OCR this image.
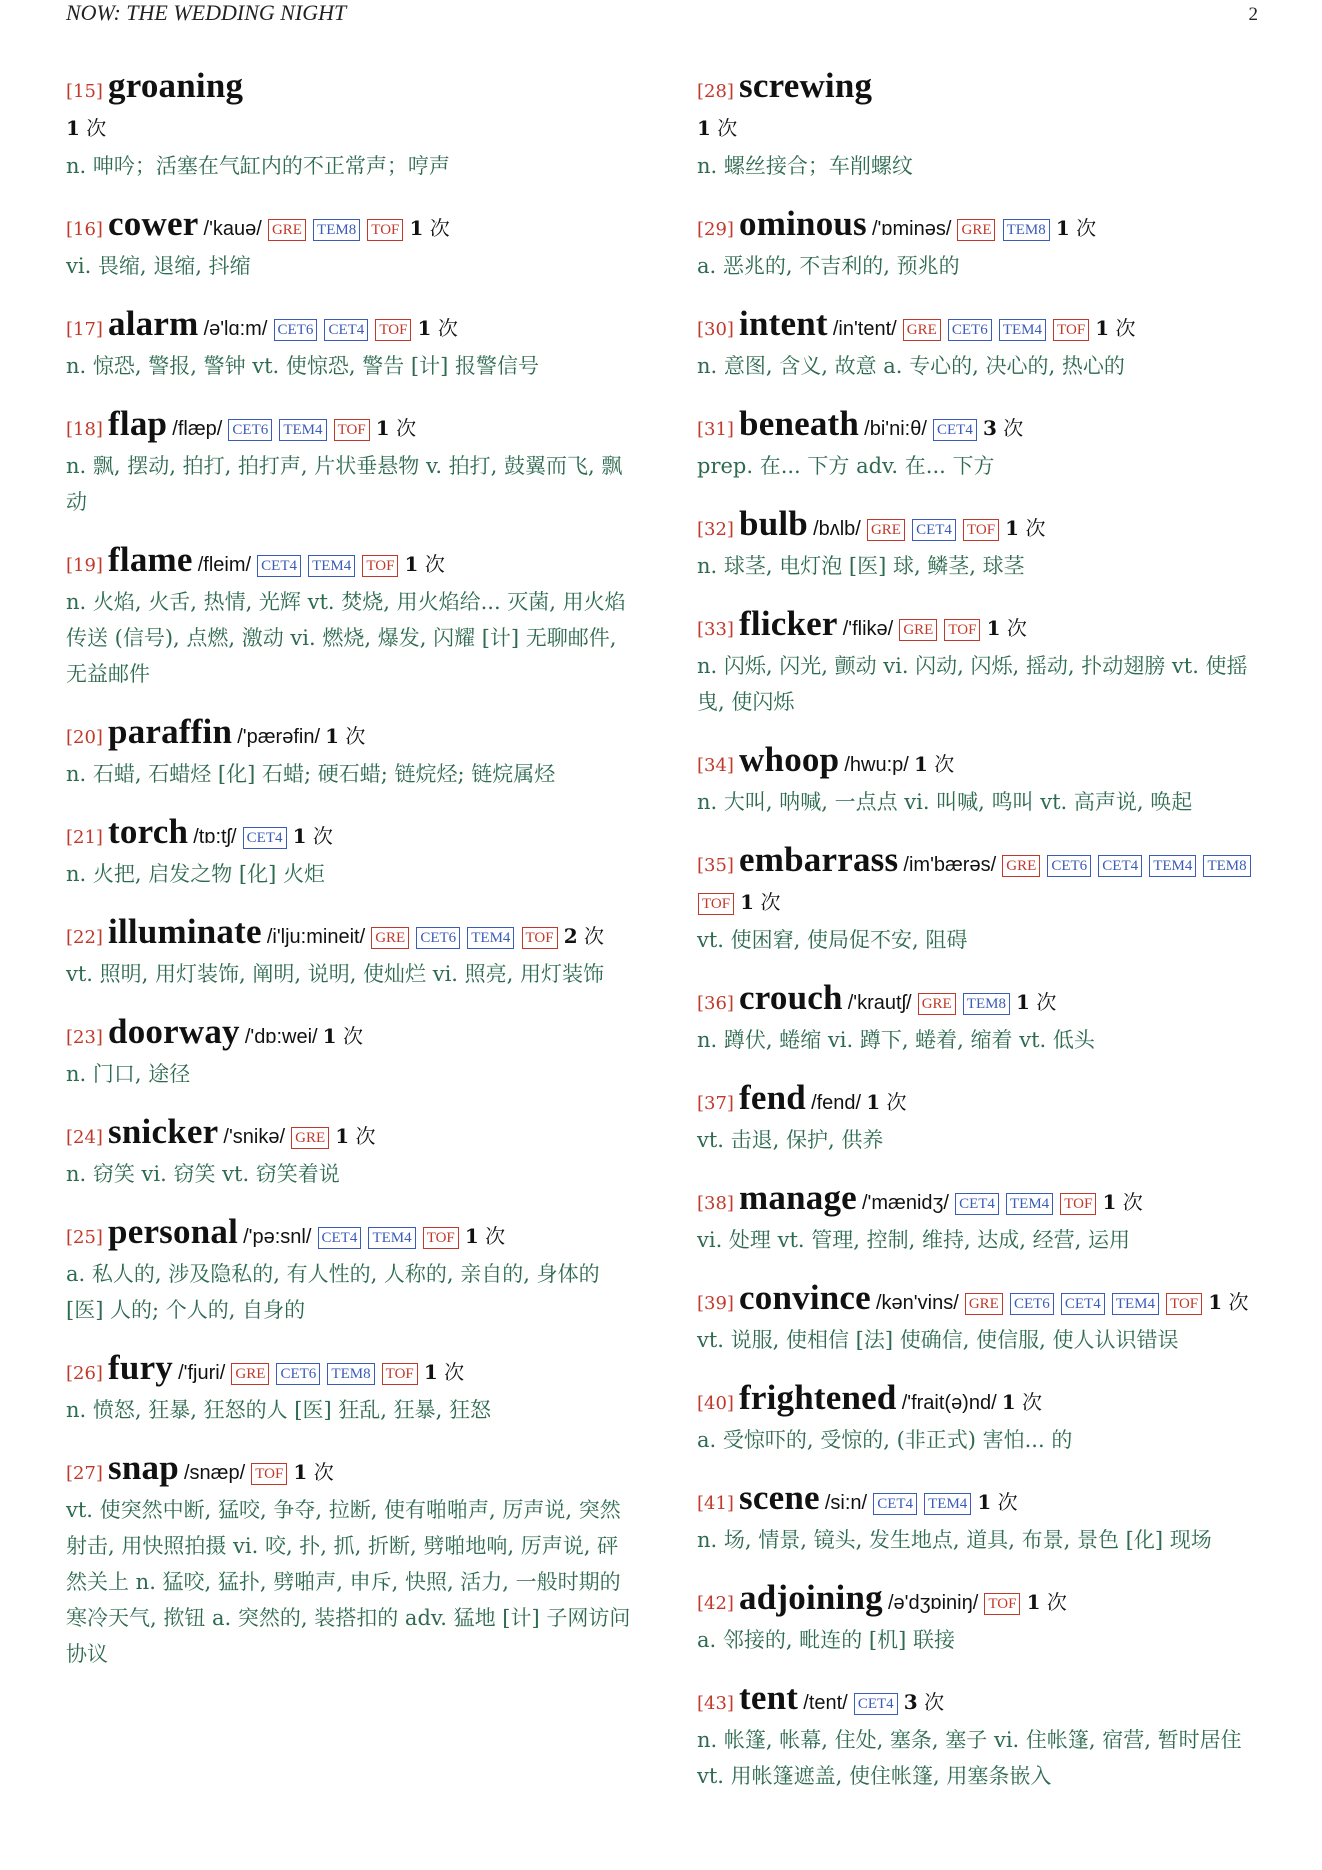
NOW: THE WEDDING NIGHT	2
[15] groaning
1 次
n. 呻吟；活塞在气缸内的不正常声；哼声
[16] cower /'kauə/ GRE TEM8 TOF 1 次
vi. 畏缩, 退缩, 抖缩
[17] alarm /ə'lɑ:m/ CET6 CET4 TOF 1 次
n. 惊恐, 警报, 警钟 vt. 使惊恐, 警告 [计] 报警信号
[18] flap /flæp/ CET6 TEM4 TOF 1 次
n. 飘, 摆动, 拍打, 拍打声, 片状垂悬物 v. 拍打, 鼓翼而飞, 飘动
[19] flame /fleim/ CET4 TEM4 TOF 1 次
n. 火焰, 火舌, 热情, 光辉 vt. 焚烧, 用火焰给... 灭菌, 用火焰传送 (信号), 点燃, 激动 vi. 燃烧, 爆发, 闪耀 [计] 无聊邮件, 无益邮件
[20] paraffin /'pærəfin/ 1 次
n. 石蜡, 石蜡烃 [化] 石蜡; 硬石蜡; 链烷烃; 链烷属烃
[21] torch /tɒ:tʃ/ CET4 1 次
n. 火把, 启发之物 [化] 火炬
[22] illuminate /i'lju:mineit/ GRE CET6 TEM4 TOF 2 次
vt. 照明, 用灯装饰, 阐明, 说明, 使灿烂 vi. 照亮, 用灯装饰
[23] doorway /'dɒ:wei/ 1 次
n. 门口, 途径
[24] snicker /'snikə/ GRE 1 次
n. 窃笑 vi. 窃笑 vt. 窃笑着说
[25] personal /'pə:snl/ CET4 TEM4 TOF 1 次
a. 私人的, 涉及隐私的, 有人性的, 人称的, 亲自的, 身体的 [医] 人的; 个人的, 自身的
[26] fury /'fjuri/ GRE CET6 TEM8 TOF 1 次
n. 愤怒, 狂暴, 狂怒的人 [医] 狂乱, 狂暴, 狂怒
[27] snap /snæp/ TOF 1 次
vt. 使突然中断, 猛咬, 争夺, 拉断, 使有啪啪声, 厉声说, 突然射击, 用快照拍摄 vi. 咬, 扑, 抓, 折断, 劈啪地响, 厉声说, 砰然关上 n. 猛咬, 猛扑, 劈啪声, 申斥, 快照, 活力, 一般时期的寒冷天气, 揿钮 a. 突然的, 装搭扣的 adv. 猛地 [计] 子网访问协议
[28] screwing
1 次
n. 螺丝接合；车削螺纹
[29] ominous /'ɒminəs/ GRE TEM8 1 次
a. 恶兆的, 不吉利的, 预兆的
[30] intent /in'tent/ GRE CET6 TEM4 TOF 1 次
n. 意图, 含义, 故意 a. 专心的, 决心的, 热心的
[31] beneath /bi'ni:θ/ CET4 3 次
prep. 在... 下方 adv. 在... 下方
[32] bulb /bʌlb/ GRE CET4 TOF 1 次
n. 球茎, 电灯泡 [医] 球, 鳞茎, 球茎
[33] flicker /'flikə/ GRE TOF 1 次
n. 闪烁, 闪光, 颤动 vi. 闪动, 闪烁, 摇动, 扑动翅膀 vt. 使摇曳, 使闪烁
[34] whoop /hwu:p/ 1 次
n. 大叫, 呐喊, 一点点 vi. 叫喊, 鸣叫 vt. 高声说, 唤起
[35] embarrass /im'bærəs/ GRE CET6 CET4 TEM4 TEM8 TOF 1 次
vt. 使困窘, 使局促不安, 阻碍
[36] crouch /'krautʃ/ GRE TEM8 1 次
n. 蹲伏, 蜷缩 vi. 蹲下, 蜷着, 缩着 vt. 低头
[37] fend /fend/ 1 次
vt. 击退, 保护, 供养
[38] manage /'mænidʒ/ CET4 TEM4 TOF 1 次
vi. 处理 vt. 管理, 控制, 维持, 达成, 经营, 运用
[39] convince /kən'vins/ GRE CET6 CET4 TEM4 TOF 1 次
vt. 说服, 使相信 [法] 使确信, 使信服, 使人认识错误
[40] frightened /'frait(ə)nd/ 1 次
a. 受惊吓的, 受惊的, (非正式) 害怕... 的
[41] scene /si:n/ CET4 TEM4 1 次
n. 场, 情景, 镜头, 发生地点, 道具, 布景, 景色 [化] 现场
[42] adjoining /ə'dʒɒiniŋ/ TOF 1 次
a. 邻接的, 毗连的 [机] 联接
[43] tent /tent/ CET4 3 次
n. 帐篷, 帐幕, 住处, 塞条, 塞子 vi. 住帐篷, 宿营, 暂时居住 vt. 用帐篷遮盖, 使住帐篷, 用塞条嵌入
